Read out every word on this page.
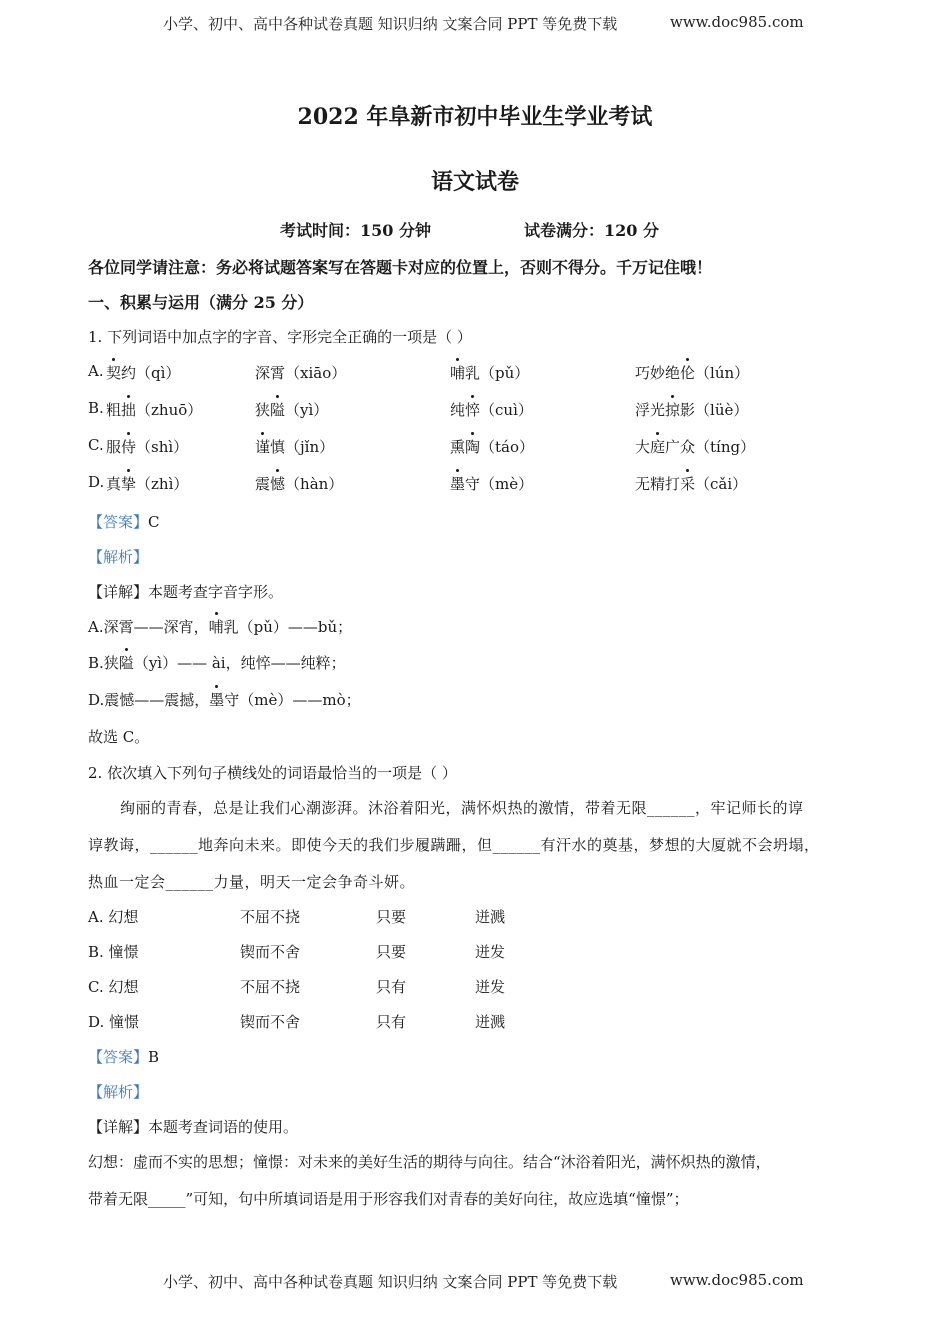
小学、初中、高中各种试卷真题 知识归纳 文案合同 PPT 等免费下载	www.doc985.com
2022 年阜新市初中毕业生学业考试
语文试卷
考试时间：150 分钟	试卷满分：120 分
各位同学请注意：务必将试题答案写在答题卡对应的位置上，否则不得分。千万记住哦！
一、积累与运用（满分 25 分）
1. 下列词语中加点字的字音、字形完全正确的一项是（ ）
A. 契约（qì）	深霄（xiāo）	哺乳（pǔ）	巧妙绝伦（lún）
B. 粗拙（zhuō）	狭隘（yì）	纯悴（cuì）	浮光掠影（lüè）
C. 服侍（shì）	谨慎（jǐn）	熏陶（táo）	大庭广众（tíng）
D. 真挚（zhì）	震憾（hàn）	墨守（mè）	无精打采（cǎi）
【答案】C
【解析】
【详解】本题考查字音字形。
A.深霄——深宵，哺乳（pǔ）——bǔ；
B.狭隘（yì）—— ài，纯悴——纯粹；
D.震憾——震撼，墨守（mè）——mò；
故选 C。
2. 依次填入下列句子横线处的词语最恰当的一项是（ ）
绚丽的青春，总是让我们心潮澎湃。沐浴着阳光，满怀炽热的激情，带着无限______，牢记师长的谆
谆教诲，______地奔向未来。即使今天的我们步履蹒跚，但______有汗水的奠基，梦想的大厦就不会坍塌，
热血一定会______力量，明天一定会争奇斗妍。
A. 幻想	不屈不挠	只要	迸溅
B. 憧憬	锲而不舍	只要	迸发
C. 幻想	不屈不挠	只有	迸发
D. 憧憬	锲而不舍	只有	迸溅
【答案】B
【解析】
【详解】本题考查词语的使用。
幻想：虚而不实的思想；憧憬：对未来的美好生活的期待与向往。结合“沐浴着阳光，满怀炽热的激情，
带着无限_____”可知，句中所填词语是用于形容我们对青春的美好向往，故应选填“憧憬”；
小学、初中、高中各种试卷真题 知识归纳 文案合同 PPT 等免费下载	www.doc985.com
